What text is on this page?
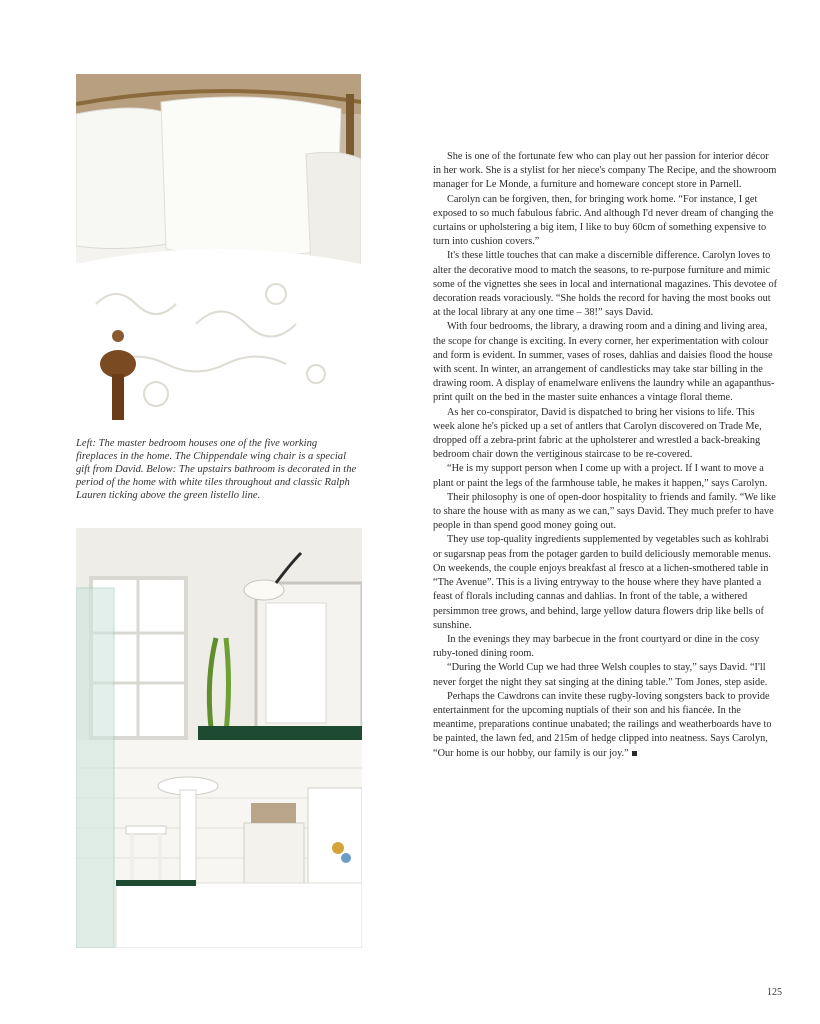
Left: The master bedroom houses one of the five working fireplaces in the home. The Chippendale wing chair is a special gift from David. Below: The upstairs bathroom is decorated in the period of the home with white tiles throughout and classic Ralph Lauren ticking above the green listello line.

She is one of the fortunate few who can play out her passion for interior décor in her work. She is a stylist for her niece's company The Recipe, and the showroom manager for Le Monde, a furniture and homeware concept store in Parnell.

Carolyn can be forgiven, then, for bringing work home. “For instance, I get exposed to so much fabulous fabric. And although I'd never dream of changing the curtains or upholstering a big item, I like to buy 60cm of something expensive to turn into cushion covers.”

It's these little touches that can make a discernible difference. Carolyn loves to alter the decorative mood to match the seasons, to re-purpose furniture and mimic some of the vignettes she sees in local and international magazines. This devotee of decoration reads voraciously. “She holds the record for having the most books out at the local library at any one time – 38!” says David.

With four bedrooms, the library, a drawing room and a dining and living area, the scope for change is exciting. In every corner, her experimentation with colour and form is evident. In summer, vases of roses, dahlias and daisies flood the house with scent. In winter, an arrangement of candlesticks may take star billing in the drawing room. A display of enamelware enlivens the laundry while an agapanthus-print quilt on the bed in the master suite enhances a vintage floral theme.

As her co-conspirator, David is dispatched to bring her visions to life. This week alone he's picked up a set of antlers that Carolyn discovered on Trade Me, dropped off a zebra-print fabric at the upholsterer and wrestled a back-breaking bedroom chair down the vertiginous staircase to be re-covered.

“He is my support person when I come up with a project. If I want to move a plant or paint the legs of the farmhouse table, he makes it happen,” says Carolyn.

Their philosophy is one of open-door hospitality to friends and family. “We like to share the house with as many as we can,” says David. They much prefer to have people in than spend good money going out.

They use top-quality ingredients supplemented by vegetables such as kohlrabi or sugarsnap peas from the potager garden to build deliciously memorable menus. On weekends, the couple enjoys breakfast al fresco at a lichen-smothered table in “The Avenue”. This is a living entryway to the house where they have planted a feast of florals including cannas and dahlias. In front of the table, a withered persimmon tree grows, and behind, large yellow datura flowers drip like bells of sunshine.

In the evenings they may barbecue in the front courtyard or dine in the cosy ruby-toned dining room.

“During the World Cup we had three Welsh couples to stay,” says David. “I'll never forget the night they sat singing at the dining table.” Tom Jones, step aside.

Perhaps the Cawdrons can invite these rugby-loving songsters back to provide entertainment for the upcoming nuptials of their son and his fiancée. In the meantime, preparations continue unabated; the railings and weatherboards have to be painted, the lawn fed, and 215m of hedge clipped into neatness. Says Carolyn, “Our home is our hobby, our family is our joy.”

125
